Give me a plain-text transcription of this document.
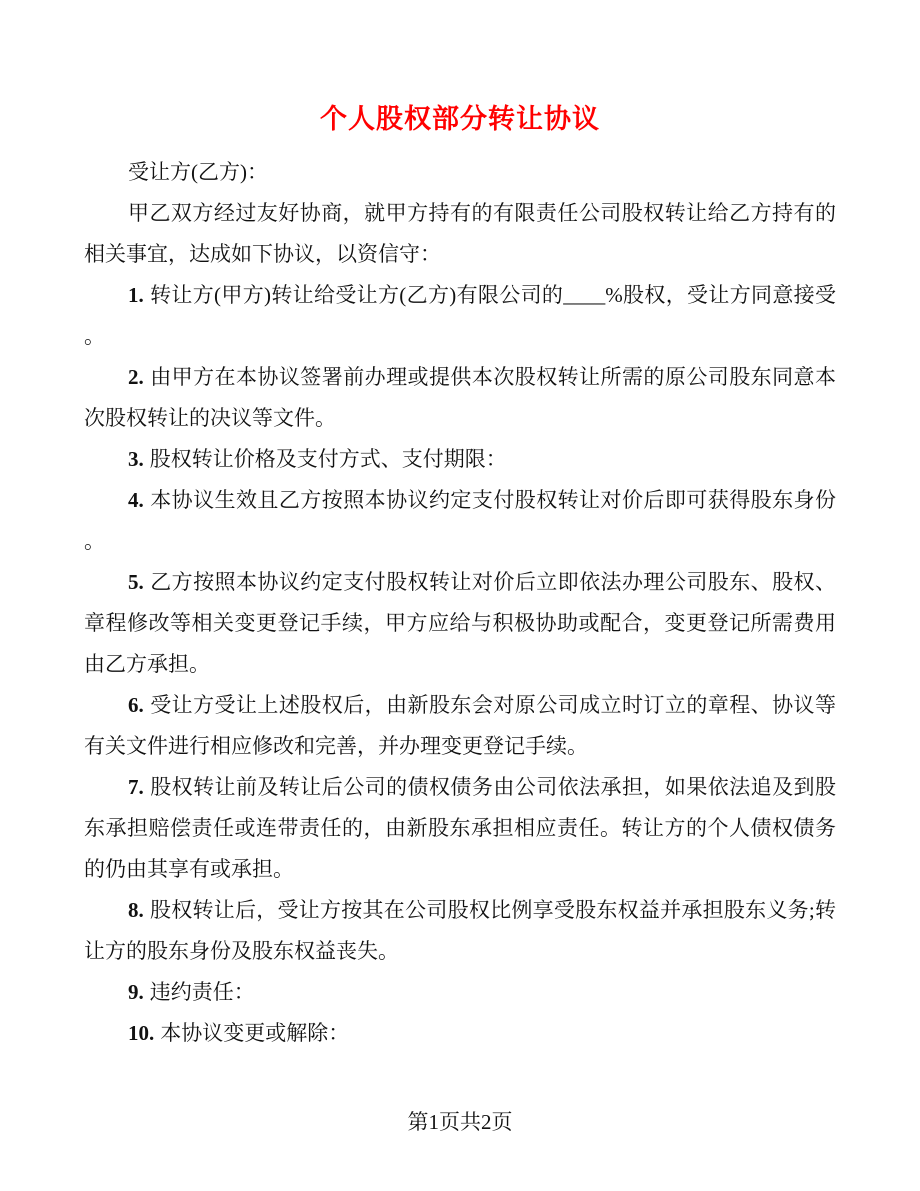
个人股权部分转让协议
受让方(乙方)：
甲乙双方经过友好协商，就甲方持有的有限责任公司股权转让给乙方持有的
相关事宜，达成如下协议，以资信守：
1. 转让方(甲方)转让给受让方(乙方)有限公司的____%股权，受让方同意接受
。
2. 由甲方在本协议签署前办理或提供本次股权转让所需的原公司股东同意本
次股权转让的决议等文件。
3. 股权转让价格及支付方式、支付期限：
4. 本协议生效且乙方按照本协议约定支付股权转让对价后即可获得股东身份
。
5. 乙方按照本协议约定支付股权转让对价后立即依法办理公司股东、股权、
章程修改等相关变更登记手续，甲方应给与积极协助或配合，变更登记所需费用
由乙方承担。
6. 受让方受让上述股权后，由新股东会对原公司成立时订立的章程、协议等
有关文件进行相应修改和完善，并办理变更登记手续。
7. 股权转让前及转让后公司的债权债务由公司依法承担，如果依法追及到股
东承担赔偿责任或连带责任的，由新股东承担相应责任。转让方的个人债权债务
的仍由其享有或承担。
8. 股权转让后，受让方按其在公司股权比例享受股东权益并承担股东义务;转
让方的股东身份及股东权益丧失。
9. 违约责任：
10. 本协议变更或解除：
第1页共2页
